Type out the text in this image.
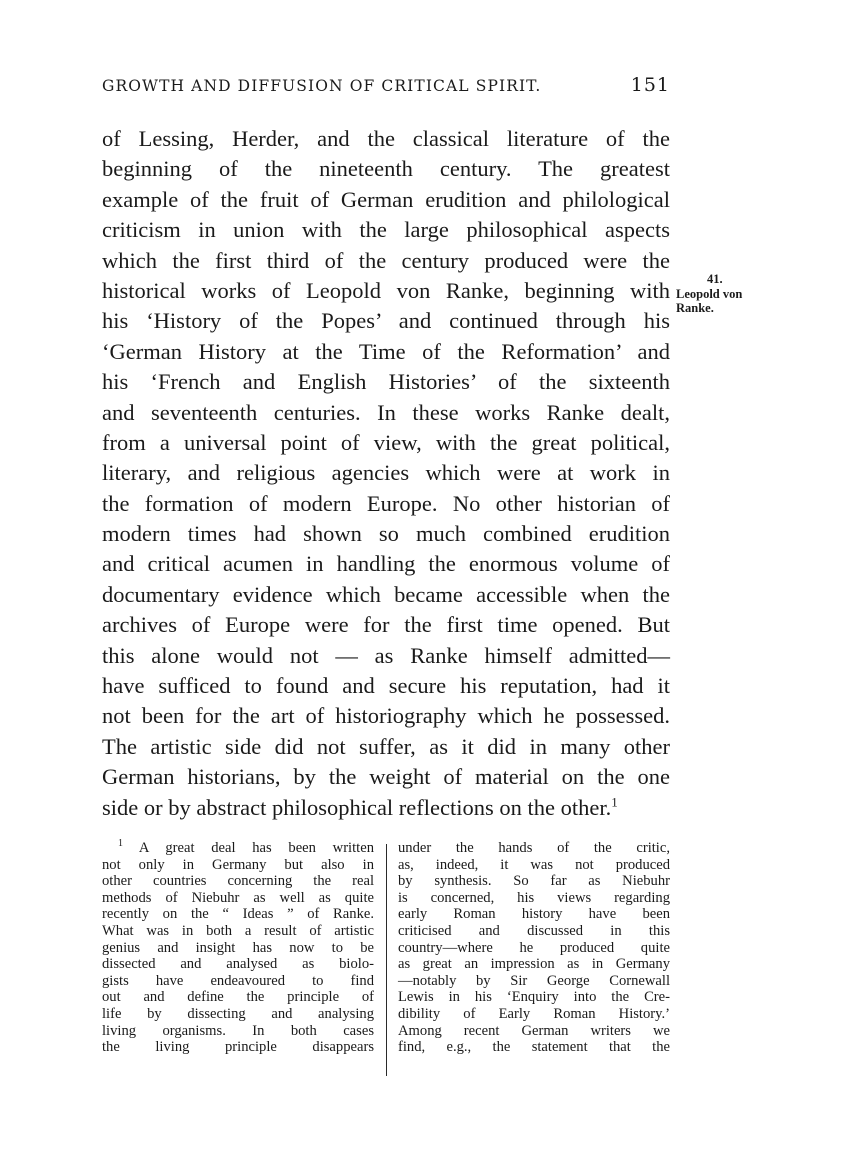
GROWTH AND DIFFUSION OF CRITICAL SPIRIT.	151
of Lessing, Herder, and the classical literature of the
beginning of the nineteenth century. The greatest
example of the fruit of German erudition and philological
criticism in union with the large philosophical aspects
which the first third of the century produced were the
historical works of Leopold von Ranke, beginning with
his ‘History of the Popes’ and continued through his
‘German History at the Time of the Reformation’ and
his ‘French and English Histories’ of the sixteenth
and seventeenth centuries. In these works Ranke dealt,
from a universal point of view, with the great political,
literary, and religious agencies which were at work in
the formation of modern Europe. No other historian of
modern times had shown so much combined erudition
and critical acumen in handling the enormous volume of
documentary evidence which became accessible when the
archives of Europe were for the first time opened. But
this alone would not — as Ranke himself admitted—
have sufficed to found and secure his reputation, had it
not been for the art of historiography which he possessed.
The artistic side did not suffer, as it did in many other
German historians, by the weight of material on the one
side or by abstract philosophical reflections on the other.$^1$
41.
Leopold von
Ranke.
$^1$ A great deal has been written
not only in Germany but also in
other countries concerning the real
methods of Niebuhr as well as quite
recently on the “ Ideas ” of Ranke.
What was in both a result of artistic
genius and insight has now to be
dissected and analysed as biolo-
gists have endeavoured to find
out and define the principle of
life by dissecting and analysing
living organisms. In both cases
the living principle disappears
under the hands of the critic,
as, indeed, it was not produced
by synthesis. So far as Niebuhr
is concerned, his views regarding
early Roman history have been
criticised and discussed in this
country—where he produced quite
as great an impression as in Germany
—notably by Sir George Cornewall
Lewis in his ‘Enquiry into the Cre-
dibility of Early Roman History.’
Among recent German writers we
find, e.g., the statement that the
